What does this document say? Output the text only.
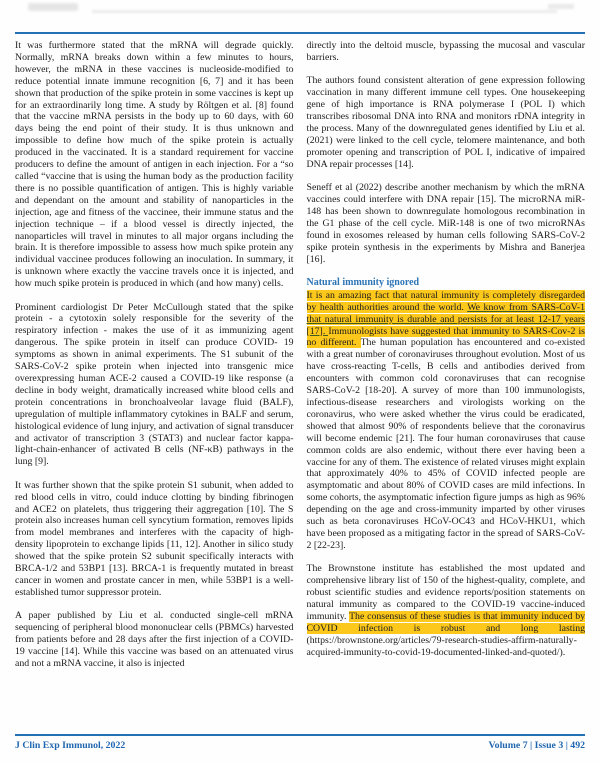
It was furthermore stated that the mRNA will degrade quickly. Normally, mRNA breaks down within a few minutes to hours, however, the mRNA in these vaccines is nucleoside-modified to reduce potential innate immune recognition [6, 7] and it has been shown that production of the spike protein in some vaccines is kept up for an extraordinarily long time. A study by Röltgen et al. [8] found that the vaccine mRNA persists in the body up to 60 days, with 60 days being the end point of their study. It is thus unknown and impossible to define how much of the spike protein is actually produced in the vaccinated. It is a standard requirement for vaccine producers to define the amount of antigen in each injection. For a “so called “vaccine that is using the human body as the production facility there is no possible quantification of antigen. This is highly variable and dependant on the amount and stability of nanoparticles in the injection, age and fitness of the vaccinee, their immune status and the injection technique – if a blood vessel is directly injected, the nanoparticles will travel in minutes to all major organs including the brain. It is therefore impossible to assess how much spike protein any individual vaccinee produces following an inoculation. In summary, it is unknown where exactly the vaccine travels once it is injected, and how much spike protein is produced in which (and how many) cells.

Prominent cardiologist Dr Peter McCullough stated that the spike protein - a cytotoxin solely responsible for the severity of the respiratory infection - makes the use of it as immunizing agent dangerous. The spike protein in itself can produce COVID- 19 symptoms as shown in animal experiments. The S1 subunit of the SARS-CoV-2 spike protein when injected into transgenic mice overexpressing human ACE-2 caused a COVID-19 like response (a decline in body weight, dramatically increased white blood cells and protein concentrations in bronchoalveolar lavage fluid (BALF), upregulation of multiple inflammatory cytokines in BALF and serum, histological evidence of lung injury, and activation of signal transducer and activator of transcription 3 (STAT3) and nuclear factor kappa-light-chain-enhancer of activated B cells (NF-κB) pathways in the lung [9].

It was further shown that the spike protein S1 subunit, when added to red blood cells in vitro, could induce clotting by binding fibrinogen and ACE2 on platelets, thus triggering their aggregation [10]. The S protein also increases human cell syncytium formation, removes lipids from model membranes and interferes with the capacity of high-density lipoprotein to exchange lipids [11, 12]. Another in silico study showed that the spike protein S2 subunit specifically interacts with BRCA-1/2 and 53BP1 [13]. BRCA-1 is frequently mutated in breast cancer in women and prostate cancer in men, while 53BP1 is a well-established tumor suppressor protein.

A paper published by Liu et al. conducted single-cell mRNA sequencing of peripheral blood mononuclear cells (PBMCs) harvested from patients before and 28 days after the first injection of a COVID-19 vaccine [14]. While this vaccine was based on an attenuated virus and not a mRNA vaccine, it also is injected

directly into the deltoid muscle, bypassing the mucosal and vascular barriers.

The authors found consistent alteration of gene expression following vaccination in many different immune cell types. One housekeeping gene of high importance is RNA polymerase I (POL I) which transcribes ribosomal DNA into RNA and monitors rDNA integrity in the process. Many of the downregulated genes identified by Liu et al. (2021) were linked to the cell cycle, telomere maintenance, and both promoter opening and transcription of POL I, indicative of impaired DNA repair processes [14].

Seneff et al (2022) describe another mechanism by which the mRNA vaccines could interfere with DNA repair [15]. The microRNA miR-148 has been shown to downregulate homologous recombination in the G1 phase of the cell cycle. MiR-148 is one of two microRNAs found in exosomes released by human cells following SARS-CoV-2 spike protein synthesis in the experiments by Mishra and Banerjea [16].

Natural immunity ignored

It is an amazing fact that natural immunity is completely disregarded by health authorities around the world. We know from SARS-CoV-1 that natural immunity is durable and persists for at least 12-17 years [17]. Immunologists have suggested that immunity to SARS-Cov-2 is no different. The human population has encountered and co-existed with a great number of coronaviruses throughout evolution. Most of us have cross-reacting T-cells, B cells and antibodies derived from encounters with common cold coronaviruses that can recognise SARS-CoV-2 [18-20]. A survey of more than 100 immunologists, infectious-disease researchers and virologists working on the coronavirus, who were asked whether the virus could be eradicated, showed that almost 90% of respondents believe that the coronavirus will become endemic [21]. The four human coronaviruses that cause common colds are also endemic, without there ever having been a vaccine for any of them. The existence of related viruses might explain that approximately 40% to 45% of COVID infected people are asymptomatic and about 80% of COVID cases are mild infections. In some cohorts, the asymptomatic infection figure jumps as high as 96% depending on the age and cross-immunity imparted by other viruses such as beta coronaviruses HCoV-OC43 and HCoV-HKU1, which have been proposed as a mitigating factor in the spread of SARS-CoV-2 [22-23].

The Brownstone institute has established the most updated and comprehensive library list of 150 of the highest-quality, complete, and robust scientific studies and evidence reports/position statements on natural immunity as compared to the COVID-19 vaccine-induced immunity. The consensus of these studies is that immunity induced by COVID infection is robust and long lasting (https://brownstone.org/articles/79-research-studies-affirm-naturally-acquired-immunity-to-covid-19-documented-linked-and-quoted/).

J Clin Exp Immunol, 2022	Volume 7 | Issue 3 | 492
